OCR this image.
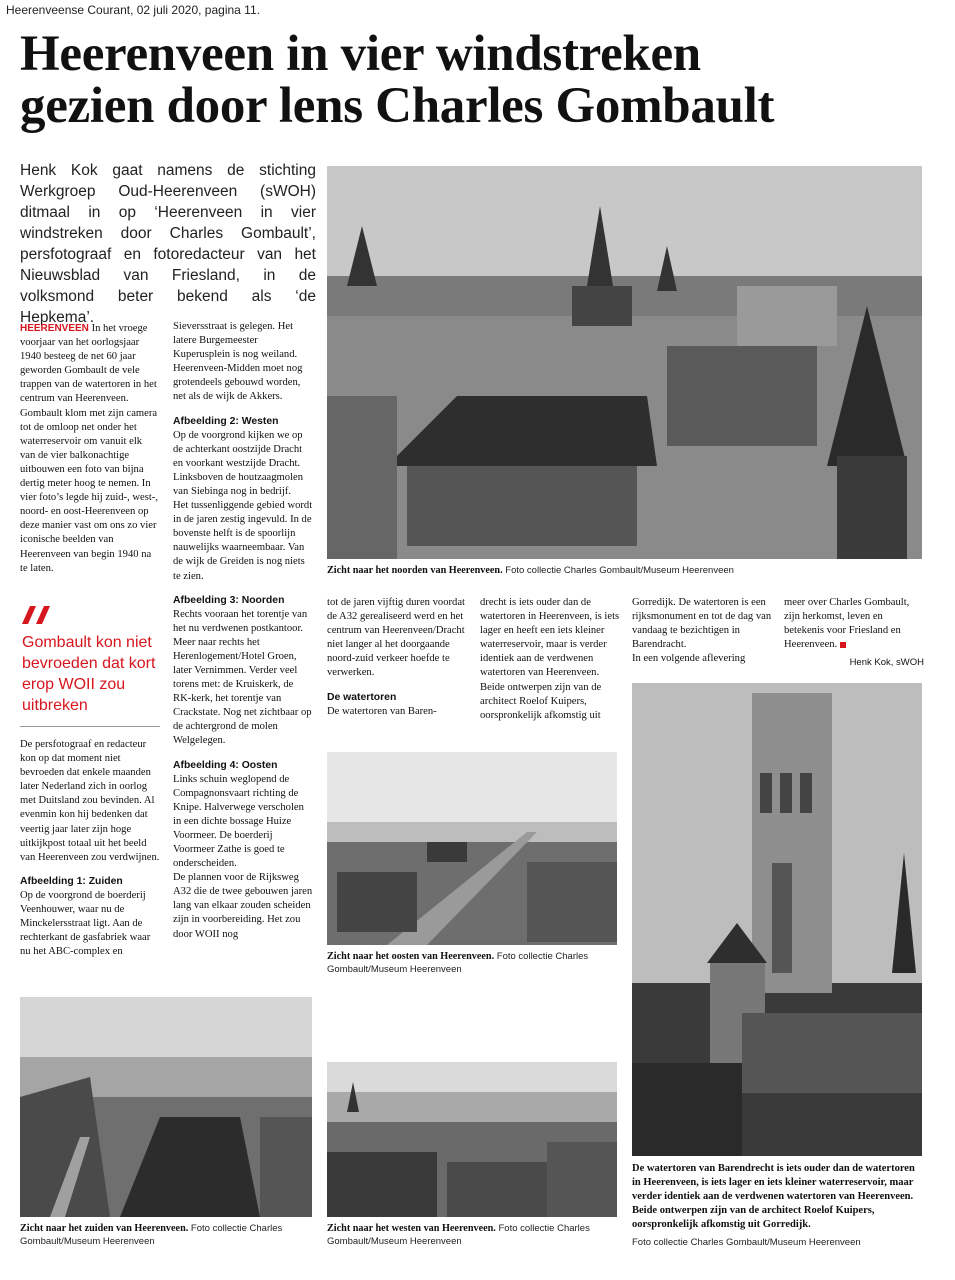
Heerenveense Courant, 02 juli 2020, pagina 11.
Heerenveen in vier windstreken
gezien door lens Charles Gombault
Henk Kok gaat namens de stichting Werkgroep Oud-Heerenveen (sWOH) ditmaal in op ‘Heerenveen in vier windstreken door Charles Gombault’, persfotograaf en fotoredacteur van het Nieuwsblad van Friesland, in de volksmond beter bekend als ‘de Hepkema’.

HEERENVEEN In het vroege voorjaar van het oorlogsjaar 1940 besteeg de net 60 jaar geworden Gombault de vele trappen van de watertoren in het centrum van Heerenveen. Gombault klom met zijn camera tot de omloop net onder het waterreservoir om vanuit elk van de vier balkonachtige uitbouwen een foto van bijna dertig meter hoog te nemen. In vier foto’s legde hij zuid-, west-, noord- en oost-Heerenveen op deze manier vast om ons zo vier iconische beelden van Heerenveen van begin 1940 na te laten.

Gombault kon niet bevroeden dat kort erop WOII zou uitbreken

De persfotograaf en redacteur kon op dat moment niet bevroeden dat enkele maanden later Nederland zich in oorlog met Duitsland zou bevinden. Al evenmin kon hij bedenken dat veertig jaar later zijn hoge uitkijkpost totaal uit het beeld van Heerenveen zou verdwijnen.

Afbeelding 1: Zuiden

Op de voorgrond de boerderij Veenhouwer, waar nu de Minckelersstraat ligt. Aan de rechterkant de gasfabriek waar nu het ABC-complex en

Sieversstraat is gelegen. Het latere Burgemeester Kuperusplein is nog weiland. Heerenveen-Midden moet nog grotendeels gebouwd worden, net als de wijk de Akkers.

Afbeelding 2: Westen

Op de voorgrond kijken we op de achterkant oostzijde Dracht en voorkant westzijde Dracht. Linksboven de houtzaagmolen van Siebinga nog in bedrijf.

Het tussenliggende gebied wordt in de jaren zestig ingevuld. In de bovenste helft is de spoorlijn nauwelijks waarneembaar. Van de wijk de Greiden is nog niets te zien.

Afbeelding 3: Noorden

Rechts vooraan het torentje van het nu verdwenen postkantoor. Meer naar rechts het Herenlogement/Hotel Groen, later Vernimmen. Verder veel torens met: de Kruiskerk, de RK-kerk, het torentje van Crackstate. Nog net zichtbaar op de achtergrond de molen Welgelegen.

Afbeelding 4: Oosten

Links schuin weglopend de Compagnonsvaart richting de Knipe. Halverwege verscholen in een dichte bossage Huize Voormeer. De boerderij Voormeer Zathe is goed te onderscheiden.

De plannen voor de Rijksweg A32 die de twee gebouwen jaren lang van elkaar zouden scheiden zijn in voorbereiding. Het zou door WOII nog

Zicht naar het noorden van Heerenveen. Foto collectie Charles Gombault/Museum Heerenveen

tot de jaren vijftig duren voordat de A32 gerealiseerd werd en het centrum van Heerenveen/Dracht niet langer al het doorgaande noord-zuid verkeer hoefde te verwerken.

De watertoren

De watertoren van Baren-

drecht is iets ouder dan de watertoren in Heerenveen, is iets lager en heeft een iets kleiner waterreservoir, maar is verder identiek aan de verdwenen watertoren van Heerenveen.

Beide ontwerpen zijn van de architect Roelof Kuipers, oorspronkelijk afkomstig uit

Gorredijk. De watertoren is een rijksmonument en tot de dag van vandaag te bezichtigen in Barendracht.

In een volgende aflevering

meer over Charles Gombault, zijn herkomst, leven en betekenis voor Friesland en Heerenveen.

Henk Kok, sWOH

Zicht naar het oosten van Heerenveen. Foto collectie Charles Gombault/Museum Heerenveen
De watertoren van Barendrecht is iets ouder dan de watertoren in Heerenveen, is iets lager en iets kleiner waterreservoir, maar verder identiek aan de verdwenen watertoren van Heerenveen. Beide ontwerpen zijn van de architect Roelof Kuipers, oorspronkelijk afkomstig uit Gorredijk.
Foto collectie Charles Gombault/Museum Heerenveen
Zicht naar het zuiden van Heerenveen. Foto collectie Charles Gombault/Museum Heerenveen
Zicht naar het westen van Heerenveen. Foto collectie Charles Gombault/Museum Heerenveen
